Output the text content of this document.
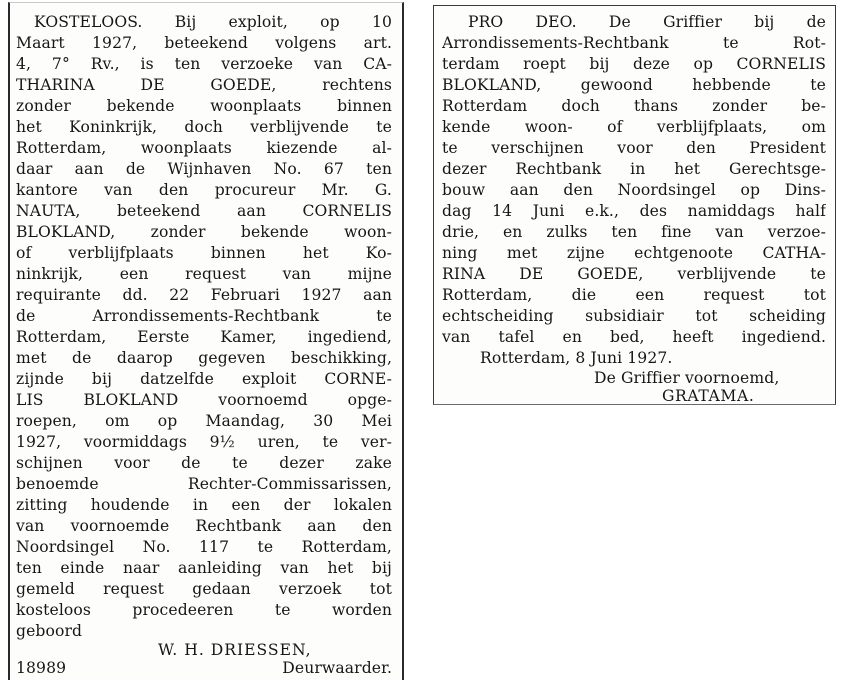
KOSTELOOS. Bij exploit, op 10
Maart 1927, beteekend volgens art.
4, 7° Rv., is ten verzoeke van CA-
THARINA DE GOEDE, rechtens
zonder bekende woonplaats binnen
het Koninkrijk, doch verblijvende te
Rotterdam, woonplaats kiezende al-
daar aan de Wijnhaven No. 67 ten
kantore van den procureur Mr. G.
NAUTA, beteekend aan CORNELIS
BLOKLAND, zonder bekende woon-
of verblijfplaats binnen het Ko-
ninkrijk, een request van mijne
requirante dd. 22 Februari 1927 aan
de Arrondissements-Rechtbank te
Rotterdam, Eerste Kamer, ingediend,
met de daarop gegeven beschikking,
zijnde bij datzelfde exploit CORNE-
LIS BLOKLAND voornoemd opge-
roepen, om op Maandag, 30 Mei
1927, voormiddags 9½ uren, te ver-
schijnen voor de te dezer zake
benoemde Rechter-Commissarissen,
zitting houdende in een der lokalen
van voornoemde Rechtbank aan den
Noordsingel No. 117 te Rotterdam,
ten einde naar aanleiding van het bij
gemeld request gedaan verzoek tot
kosteloos procedeeren te worden
geboord
W. H. DRIESSEN,
18989	Deurwaarder.
PRO DEO. De Griffier bij de
Arrondissements-Rechtbank te Rot-
terdam roept bij deze op CORNELIS
BLOKLAND, gewoond hebbende te
Rotterdam doch thans zonder be-
kende woon- of verblijfplaats, om
te verschijnen voor den President
dezer Rechtbank in het Gerechtsge-
bouw aan den Noordsingel op Dins-
dag 14 Juni e.k., des namiddags half
drie, en zulks ten fine van verzoe-
ning met zijne echtgenoote CATHA-
RINA DE GOEDE, verblijvende te
Rotterdam, die een request tot
echtscheiding subsidiair tot scheiding
van tafel en bed, heeft ingediend.
Rotterdam, 8 Juni 1927.
De Griffier voornoemd,
GRATAMA.
